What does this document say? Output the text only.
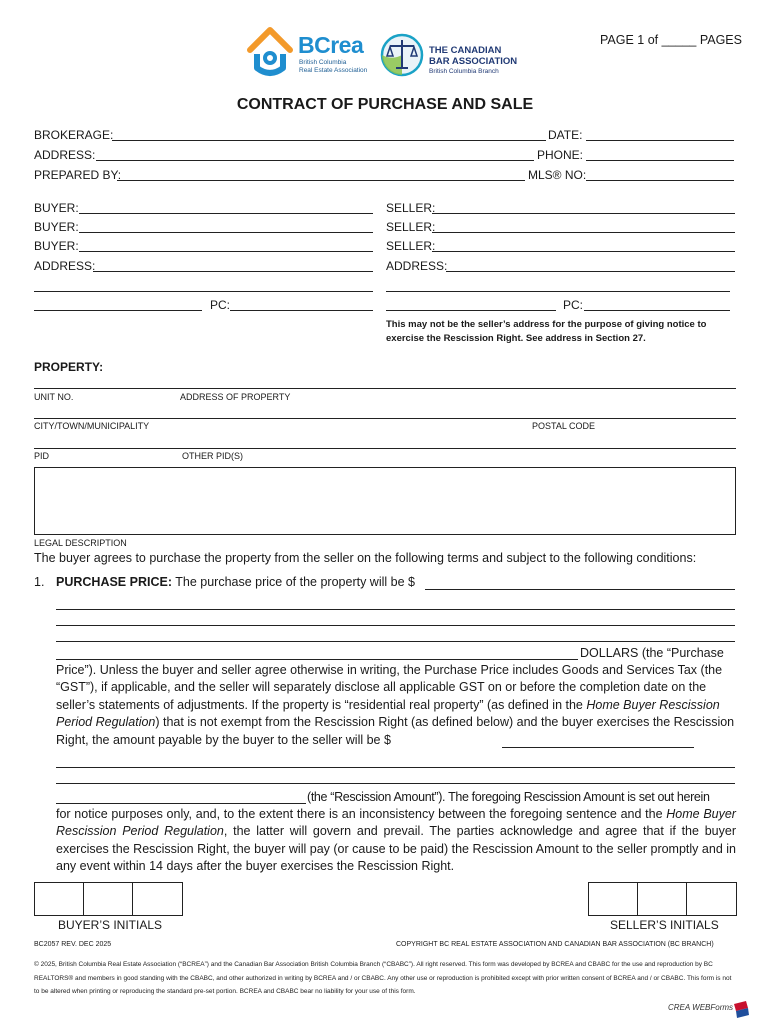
PAGE 1 of _____ PAGES
BCrea
British Columbia
Real Estate Association
THE CANADIAN
BAR ASSOCIATION
British Columbia Branch
CONTRACT OF PURCHASE AND SALE
BROKERAGE:	DATE:
ADDRESS:	PHONE:
PREPARED BY:	MLS® NO:
BUYER:
BUYER:
BUYER:
ADDRESS:
PC:
SELLER:
SELLER:
SELLER:
ADDRESS:
PC:
This may not be the seller’s address for the purpose of giving notice to exercise the Rescission Right. See address in Section 27.
PROPERTY:
UNIT NO.	ADDRESS OF PROPERTY
CITY/TOWN/MUNICIPALITY	POSTAL CODE
PID	OTHER PID(S)
LEGAL DESCRIPTION
The buyer agrees to purchase the property from the seller on the following terms and subject to the following conditions:
1. PURCHASE PRICE: The purchase price of the property will be $
DOLLARS (the “Purchase
Price”). Unless the buyer and seller agree otherwise in writing, the Purchase Price includes Goods and Services Tax (the “GST”), if applicable, and the seller will separately disclose all applicable GST on or before the completion date on the seller’s statements of adjustments. If the property is “residential real property” (as defined in the Home Buyer Rescission Period Regulation) that is not exempt from the Rescission Right (as defined below) and the buyer exercises the Rescission Right, the amount payable by the buyer to the seller will be $
(the “Rescission Amount”). The foregoing Rescission Amount is set out herein
for notice purposes only, and, to the extent there is an inconsistency between the foregoing sentence and the Home Buyer Rescission Period Regulation, the latter will govern and prevail. The parties acknowledge and agree that if the buyer exercises the Rescission Right, the buyer will pay (or cause to be paid) the Rescission Amount to the seller promptly and in any event within 14 days after the buyer exercises the Rescission Right.
BUYER’S INITIALS	SELLER’S INITIALS
BC2057 REV. DEC 2025	COPYRIGHT BC REAL ESTATE ASSOCIATION AND CANADIAN BAR ASSOCIATION (BC BRANCH)
© 2025, British Columbia Real Estate Association (“BCREA”) and the Canadian Bar Association British Columbia Branch (“CBABC”). All right reserved. This form was developed by BCREA and CBABC for the use and reproduction by BC REALTORS® and members in good standing with the CBABC, and other authorized in writing by BCREA and / or CBABC. Any other use or reproduction is prohibited except with prior written consent of BCREA and / or CBABC. This form is not to be altered when printing or reproducing the standard pre-set portion. BCREA and CBABC bear no liability for your use of this form.
CREA WEBForms
